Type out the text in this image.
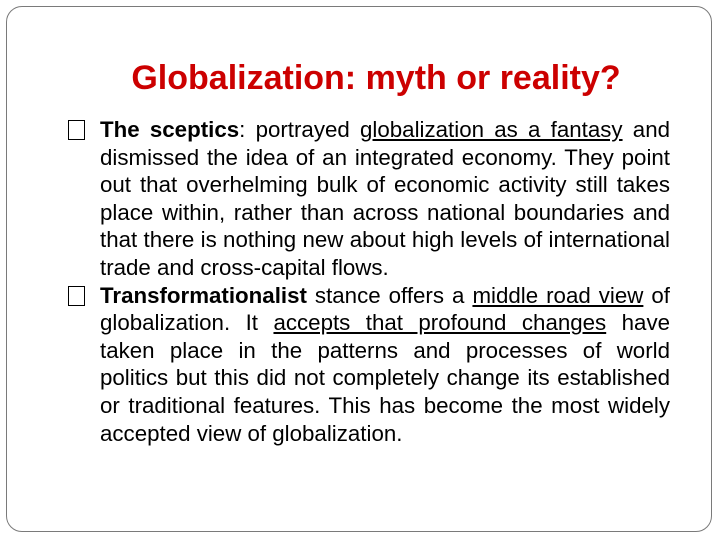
Globalization: myth or reality?

The sceptics: portrayed globalization as a fantasy and dismissed the idea of an integrated economy. They point out that overhelming bulk of economic activity still takes place within, rather than across national boundaries and that there is nothing new about high levels of international trade and cross-capital flows.

Transformationalist stance offers a middle road view of globalization. It accepts that profound changes have taken place in the patterns and processes of world politics but this did not completely change its established or traditional features. This has become the most widely accepted view of globalization.
